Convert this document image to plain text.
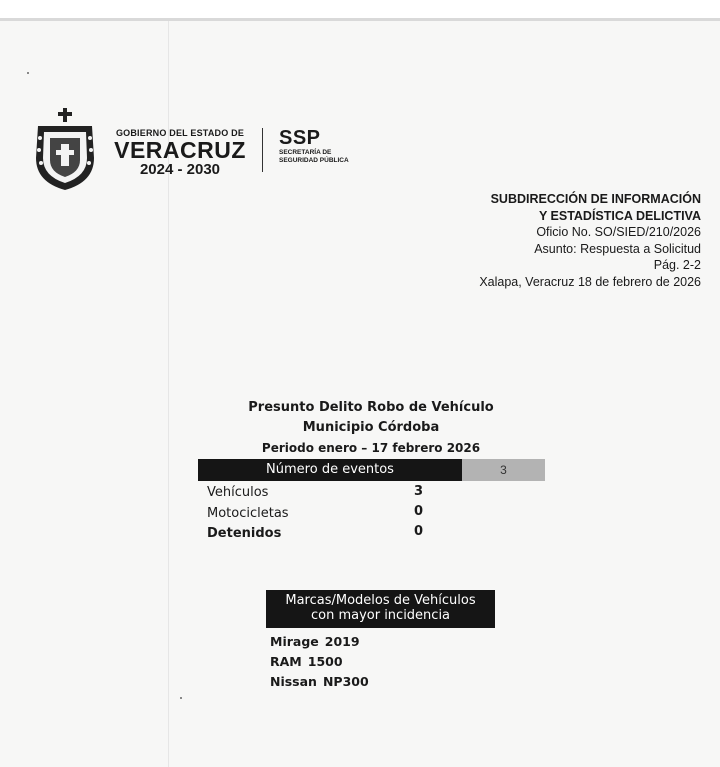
GOBIERNO DEL ESTADO DE
VERACRUZ
2024 - 2030
SSP
SECRETARÍA DE
SEGURIDAD PÚBLICA
SUBDIRECCIÓN DE INFORMACIÓN
Y ESTADÍSTICA DELICTIVA
Oficio No. SO/SIED/210/2026
Asunto: Respuesta a Solicitud
Pág. 2-2
Xalapa, Veracruz 18 de febrero de 2026
Presunto Delito Robo de Vehículo
Municipio Córdoba
Periodo enero – 17 febrero 2026
Número de eventos	3
Vehículos	3
Motocicletas	0
Detenidos	0
Marcas/Modelos de Vehículos
con mayor incidencia
Mirage 2019
RAM 1500
Nissan NP300
